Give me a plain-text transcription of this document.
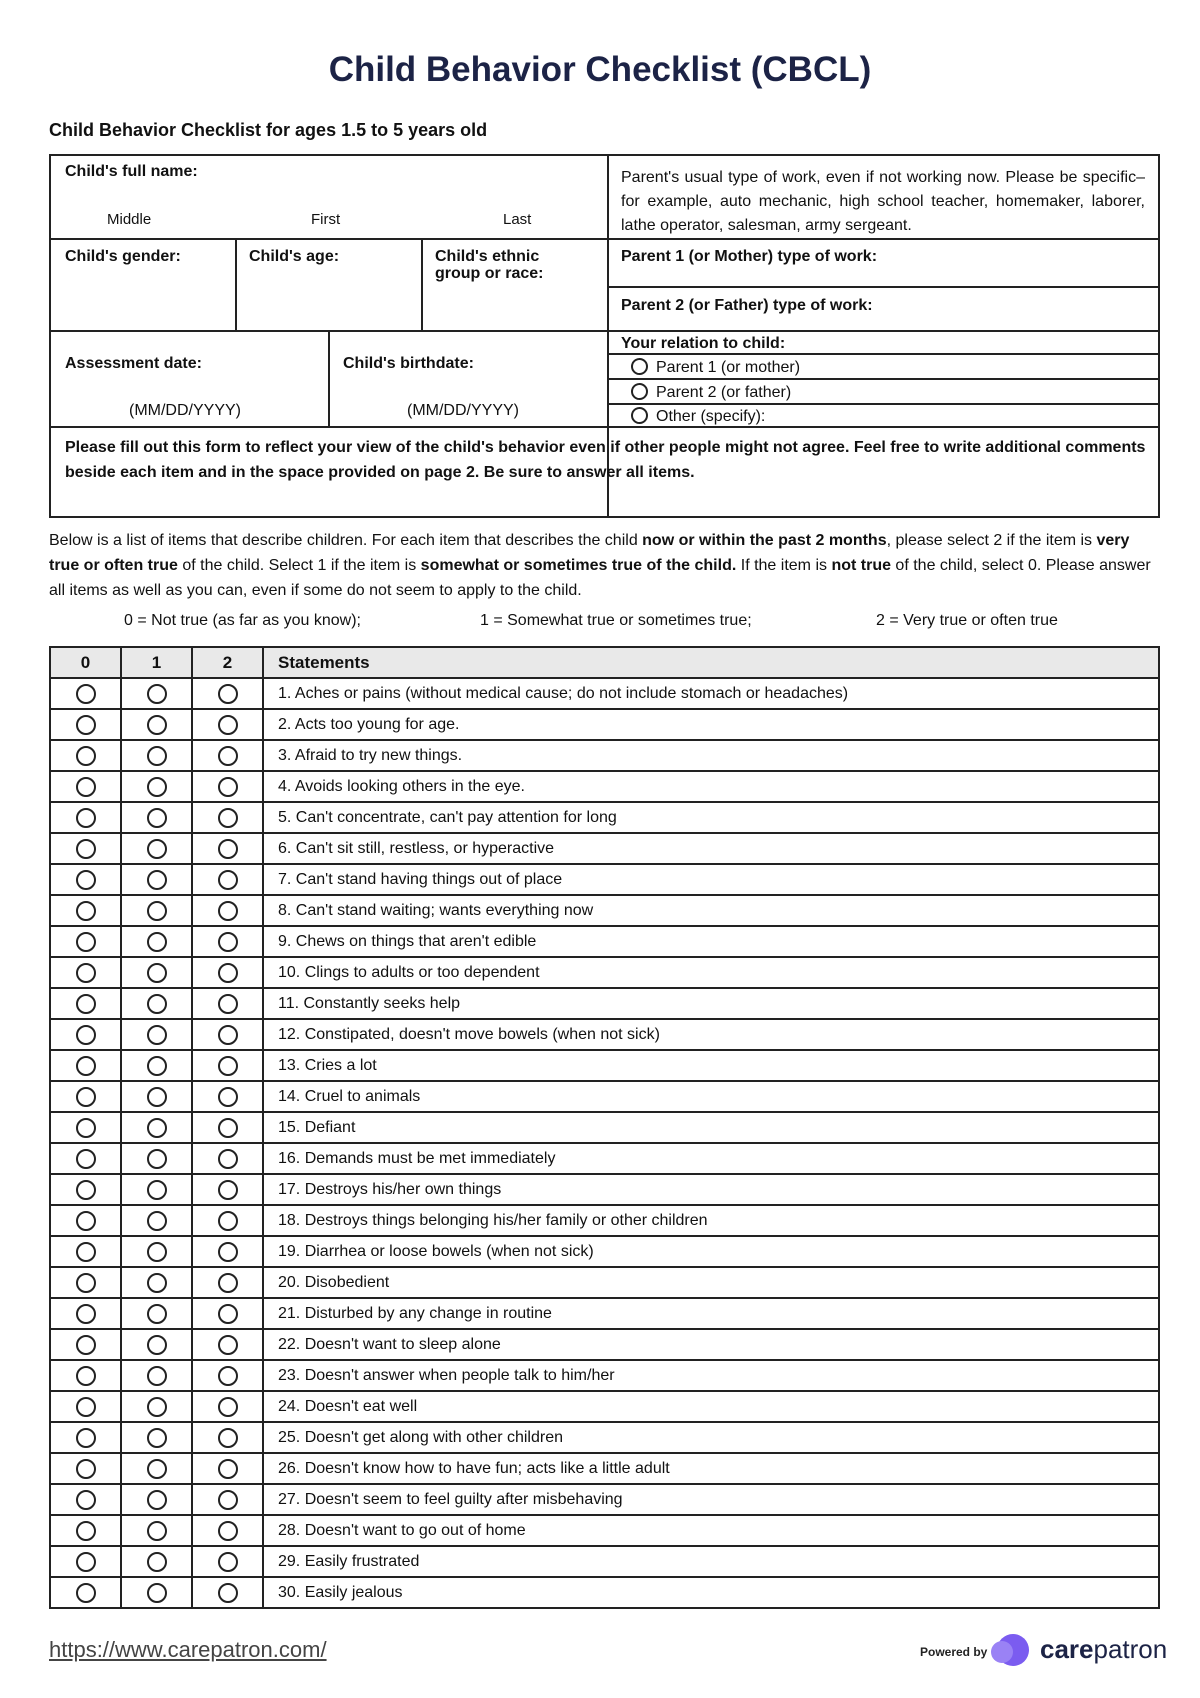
Child Behavior Checklist (CBCL)
Child Behavior Checklist for ages 1.5 to 5 years old
Child's full name:
Middle	First	Last
Parent's usual type of work, even if not working now. Please be specific– for example, auto mechanic, high school teacher, homemaker, laborer, lathe operator, salesman, army sergeant.
Child's gender:	Child's age:	Child's ethnic group or race:
Parent 1 (or Mother) type of work:
Parent 2 (or Father) type of work:
Assessment date:
(MM/DD/YYYY)
Child's birthdate:
(MM/DD/YYYY)
Your relation to child:
Parent 1 (or mother)
Parent 2 (or father)
Other (specify):
Please fill out this form to reflect your view of the child's behavior even if other people might not agree. Feel free to write additional comments beside each item and in the space provided on page 2. Be sure to answer all items.
Below is a list of items that describe children. For each item that describes the child now or within the past 2 months, please select 2 if the item is very true or often true of the child. Select 1 if the item is somewhat or sometimes true of the child. If the item is not true of the child, select 0. Please answer all items as well as you can, even if some do not seem to apply to the child.
0 = Not true (as far as you know);	1 = Somewhat true or sometimes true;	2 = Very true or often true
0	1	2	Statements
			1. Aches or pains (without medical cause; do not include stomach or headaches)
			2. Acts too young for age.
			3. Afraid to try new things.
			4. Avoids looking others in the eye.
			5. Can't concentrate, can't pay attention for long
			6. Can't sit still, restless, or hyperactive
			7. Can't stand having things out of place
			8. Can't stand waiting; wants everything now
			9. Chews on things that aren't edible
			10. Clings to adults or too dependent
			11. Constantly seeks help
			12. Constipated, doesn't move bowels (when not sick)
			13. Cries a lot
			14. Cruel to animals
			15. Defiant
			16. Demands must be met immediately
			17. Destroys his/her own things
			18. Destroys things belonging his/her family or other children
			19. Diarrhea or loose bowels (when not sick)
			20. Disobedient
			21. Disturbed by any change in routine
			22. Doesn't want to sleep alone
			23. Doesn't answer when people talk to him/her
			24. Doesn't eat well
			25. Doesn't get along with other children
			26. Doesn't know how to have fun; acts like a little adult
			27. Doesn't seem to feel guilty after misbehaving
			28. Doesn't want to go out of home
			29. Easily frustrated
			30. Easily jealous
https://www.carepatron.com/	Powered by carepatron
